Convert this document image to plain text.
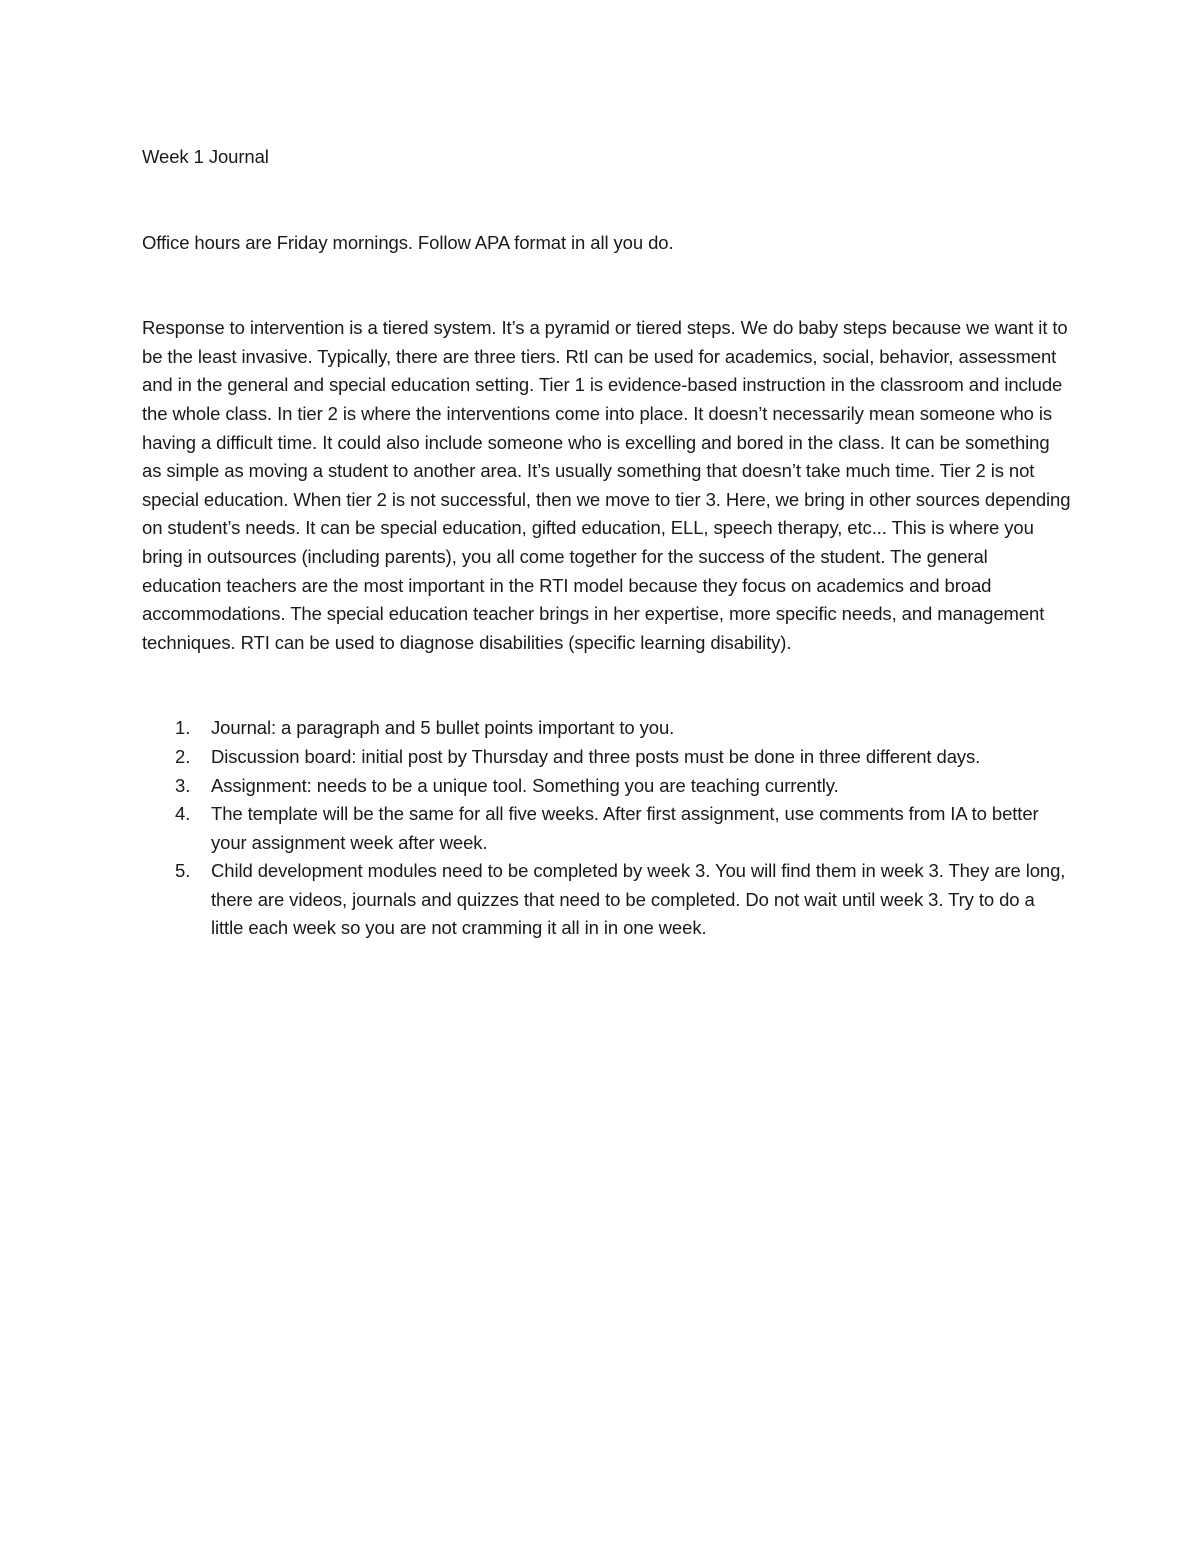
Week 1 Journal

Office hours are Friday mornings. Follow APA format in all you do.

Response to intervention is a tiered system. It’s a pyramid or tiered steps. We do baby steps because we want it to be the least invasive. Typically, there are three tiers. RtI can be used for academics, social, behavior, assessment and in the general and special education setting. Tier 1 is evidence-based instruction in the classroom and include the whole class. In tier 2 is where the interventions come into place. It doesn’t necessarily mean someone who is having a difficult time. It could also include someone who is excelling and bored in the class. It can be something as simple as moving a student to another area. It’s usually something that doesn’t take much time. Tier 2 is not special education. When tier 2 is not successful, then we move to tier 3. Here, we bring in other sources depending on student’s needs. It can be special education, gifted education, ELL, speech therapy, etc... This is where you bring in outsources (including parents), you all come together for the success of the student. The general education teachers are the most important in the RTI model because they focus on academics and broad accommodations. The special education teacher brings in her expertise, more specific needs, and management techniques. RTI can be used to diagnose disabilities (specific learning disability).

1.	Journal: a paragraph and 5 bullet points important to you.
2.	Discussion board: initial post by Thursday and three posts must be done in three different days.
3.	Assignment: needs to be a unique tool. Something you are teaching currently.
4.	The template will be the same for all five weeks. After first assignment, use comments from IA to better your assignment week after week.
5.	Child development modules need to be completed by week 3. You will find them in week 3. They are long, there are videos, journals and quizzes that need to be completed. Do not wait until week 3. Try to do a little each week so you are not cramming it all in in one week.
